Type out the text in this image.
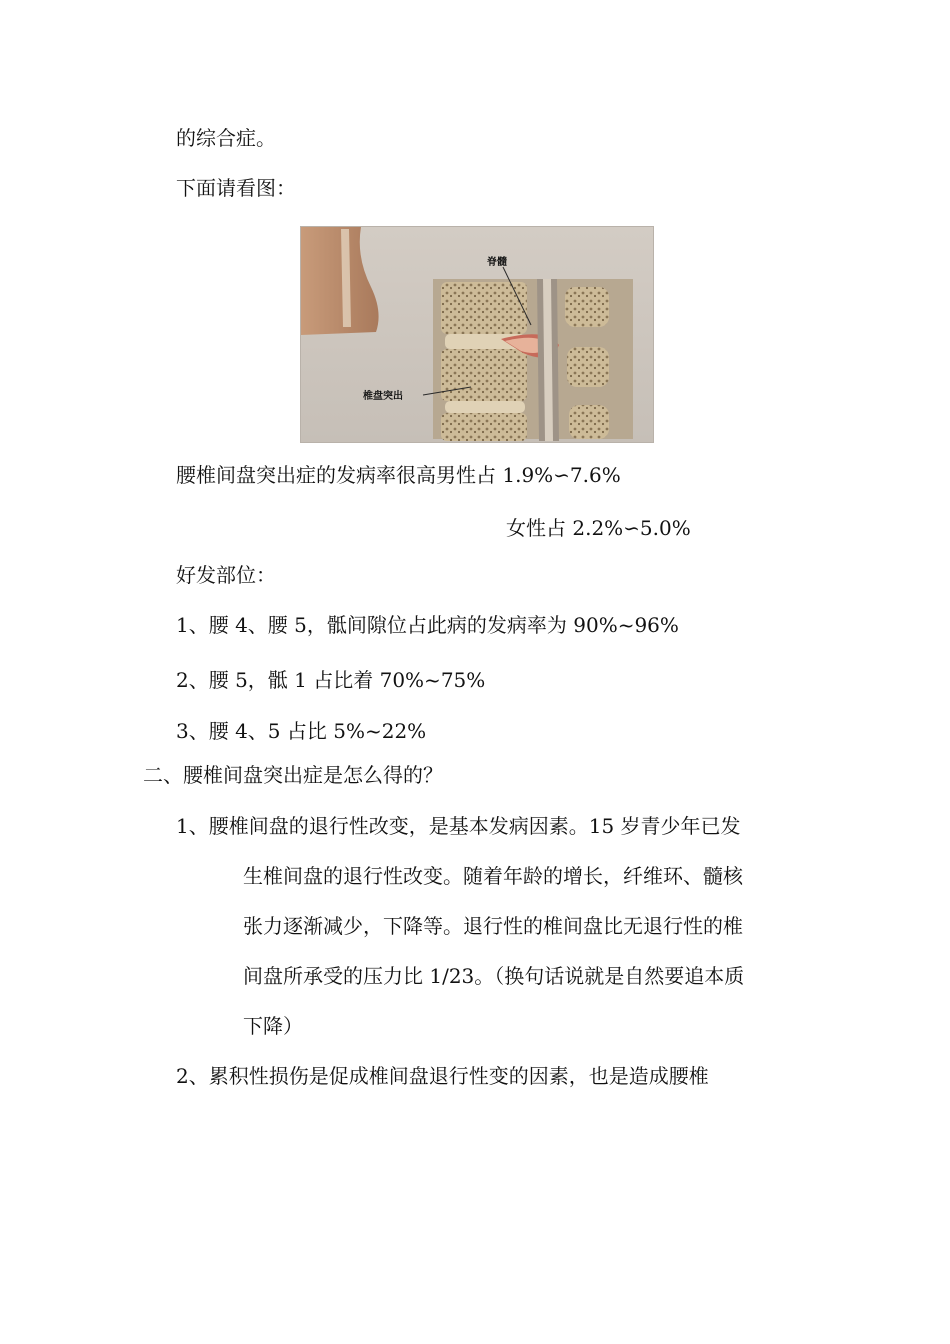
的综合症。
下面请看图：
脊髓
椎盘突出
腰椎间盘突出症的发病率很高男性占 1.9%∽7.6%
女性占 2.2%∽5.0%
好发部位：
1、腰 4、腰 5，骶间隙位占此病的发病率为 90%~96%
2、腰 5，骶 1 占比着 70%~75%
3、腰 4、5 占比 5%~22%
二、腰椎间盘突出症是怎么得的？
1、腰椎间盘的退行性改变，是基本发病因素。15 岁青少年已发
生椎间盘的退行性改变。随着年龄的增长，纤维环、髓核
张力逐渐减少，下降等。退行性的椎间盘比无退行性的椎
间盘所承受的压力比 1/23。（换句话说就是自然要追本质
下降）
2、累积性损伤是促成椎间盘退行性变的因素，也是造成腰椎
